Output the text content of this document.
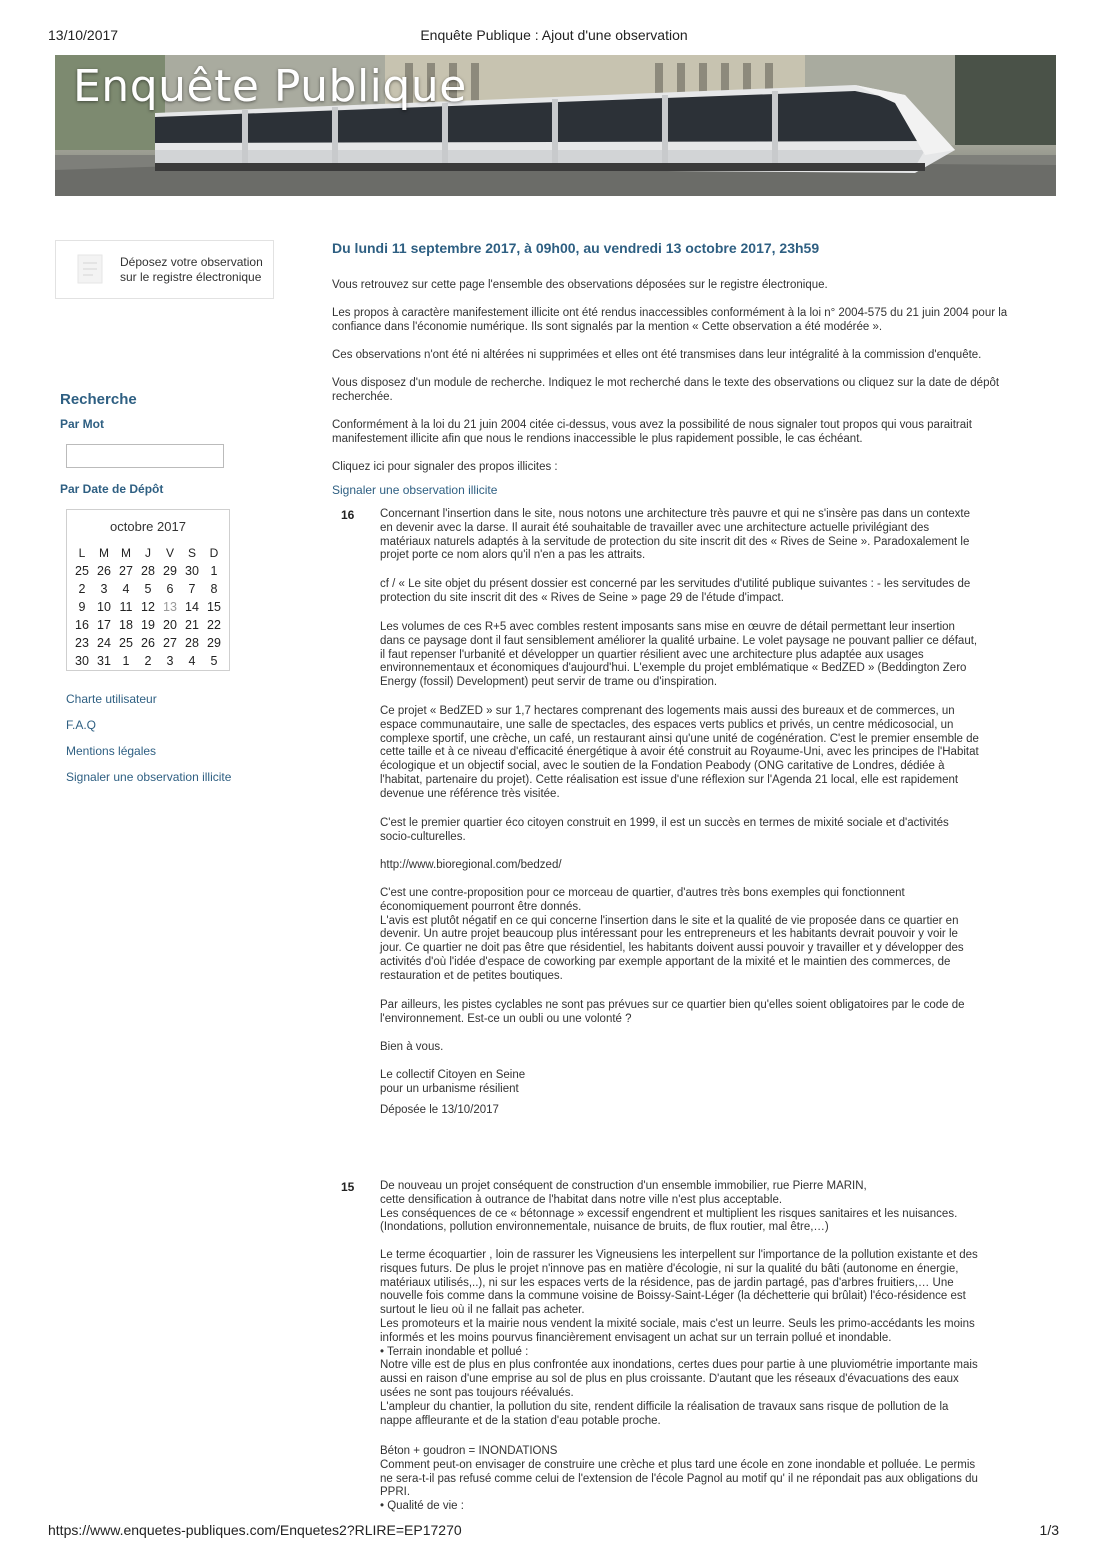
13/10/2017	Enquête Publique : Ajout d'une observation
Enquête Publique
Déposez votre observation sur le registre électronique
Recherche
Par Mot
Par Date de Dépôt
octobre 2017
L	M	M	J	V	S	D
25 26 27 28 29 30 1
2	3	4	5	6	7	8
9 10 11 12 13 14 15
16 17 18 19 20 21 22
23 24 25 26 27 28 29
30 31 1	2	3	4	5
Charte utilisateur
F.A.Q
Mentions légales
Signaler une observation illicite
Du lundi 11 septembre 2017, à 09h00, au vendredi 13 octobre 2017, 23h59

Vous retrouvez sur cette page l'ensemble des observations déposées sur le registre électronique.

Les propos à caractère manifestement illicite ont été rendus inaccessibles conformément à la loi n° 2004-575 du 21 juin 2004 pour la confiance dans l'économie numérique. Ils sont signalés par la mention « Cette observation a été modérée ».

Ces observations n'ont été ni altérées ni supprimées et elles ont été transmises dans leur intégralité à la commission d'enquête.

Vous disposez d'un module de recherche. Indiquez le mot recherché dans le texte des observations ou cliquez sur la date de dépôt recherchée.

Conformément à la loi du 21 juin 2004 citée ci-dessus, vous avez la possibilité de nous signaler tout propos qui vous paraitrait manifestement illicite afin que nous le rendions inaccessible le plus rapidement possible, le cas échéant.

Cliquez ici pour signaler des propos illicites :

Signaler une observation illicite
16 Concernant l'insertion dans le site, nous notons une architecture très pauvre et qui ne s'insère pas dans un contexte en devenir avec la darse. Il aurait été souhaitable de travailler avec une architecture actuelle privilégiant des matériaux naturels adaptés à la servitude de protection du site inscrit dit des « Rives de Seine ». Paradoxalement le projet porte ce nom alors qu'il n'en a pas les attraits.

cf / « Le site objet du présent dossier est concerné par les servitudes d'utilité publique suivantes : - les servitudes de protection du site inscrit dit des « Rives de Seine » page 29 de l'étude d'impact.

Les volumes de ces R+5 avec combles restent imposants sans mise en œuvre de détail permettant leur insertion dans ce paysage dont il faut sensiblement améliorer la qualité urbaine. Le volet paysage ne pouvant pallier ce défaut, il faut repenser l'urbanité et développer un quartier résilient avec une architecture plus adaptée aux usages environnementaux et économiques d'aujourd'hui. L'exemple du projet emblématique « BedZED » (Beddington Zero Energy (fossil) Development) peut servir de trame ou d'inspiration.

Ce projet « BedZED » sur 1,7 hectares comprenant des logements mais aussi des bureaux et de commerces, un espace communautaire, une salle de spectacles, des espaces verts publics et privés, un centre médicosocial, un complexe sportif, une crèche, un café, un restaurant ainsi qu'une unité de cogénération. C'est le premier ensemble de cette taille et à ce niveau d'efficacité énergétique à avoir été construit au Royaume-Uni, avec les principes de l'Habitat écologique et un objectif social, avec le soutien de la Fondation Peabody (ONG caritative de Londres, dédiée à l'habitat, partenaire du projet). Cette réalisation est issue d'une réflexion sur l'Agenda 21 local, elle est rapidement devenue une référence très visitée.

C'est le premier quartier éco citoyen construit en 1999, il est un succès en termes de mixité sociale et d'activités socio-culturelles.

http://www.bioregional.com/bedzed/

C'est une contre-proposition pour ce morceau de quartier, d'autres très bons exemples qui fonctionnent économiquement pourront être donnés.
L'avis est plutôt négatif en ce qui concerne l'insertion dans le site et la qualité de vie proposée dans ce quartier en devenir. Un autre projet beaucoup plus intéressant pour les entrepreneurs et les habitants devrait pouvoir y voir le jour. Ce quartier ne doit pas être que résidentiel, les habitants doivent aussi pouvoir y travailler et y développer des activités d'où l'idée d'espace de coworking par exemple apportant de la mixité et le maintien des commerces, de restauration et de petites boutiques.

Par ailleurs, les pistes cyclables ne sont pas prévues sur ce quartier bien qu'elles soient obligatoires par le code de l'environnement. Est-ce un oubli ou une volonté ?

Bien à vous.

Le collectif Citoyen en Seine
pour un urbanisme résilient

Déposée le 13/10/2017

15 De nouveau un projet conséquent de construction d'un ensemble immobilier, rue Pierre MARIN,
cette densification à outrance de l'habitat dans notre ville n'est plus acceptable.
Les conséquences de ce « bétonnage » excessif engendrent et multiplient les risques sanitaires et les nuisances. (Inondations, pollution environnementale, nuisance de bruits, de flux routier, mal être,…)

Le terme écoquartier , loin de rassurer les Vigneusiens les interpellent sur l'importance de la pollution existante et des risques futurs. De plus le projet n'innove pas en matière d'écologie, ni sur la qualité du bâti (autonome en énergie, matériaux utilisés,..), ni sur les espaces verts de la résidence, pas de jardin partagé, pas d'arbres fruitiers,… Une nouvelle fois comme dans la commune voisine de Boissy-Saint-Léger (la déchetterie qui brûlait) l'éco-résidence est surtout le lieu où il ne fallait pas acheter.
Les promoteurs et la mairie nous vendent la mixité sociale, mais c'est un leurre. Seuls les primo-accédants les moins informés et les moins pourvus financièrement envisagent un achat sur un terrain pollué et inondable.
• Terrain inondable et pollué :
Notre ville est de plus en plus confrontée aux inondations, certes dues pour partie à une pluviométrie importante mais aussi en raison d'une emprise au sol de plus en plus croissante. D'autant que les réseaux d'évacuations des eaux usées ne sont pas toujours réévalués.
L'ampleur du chantier, la pollution du site, rendent difficile la réalisation de travaux sans risque de pollution de la nappe affleurante et de la station d'eau potable proche.

Béton + goudron = INONDATIONS
Comment peut-on envisager de construire une crèche et plus tard une école en zone inondable et polluée. Le permis ne sera-t-il pas refusé comme celui de l'extension de l'école Pagnol au motif qu' il ne répondait pas aux obligations du PPRI.
• Qualité de vie :

https://www.enquetes-publiques.com/Enquetes2?RLIRE=EP17270	1/3
